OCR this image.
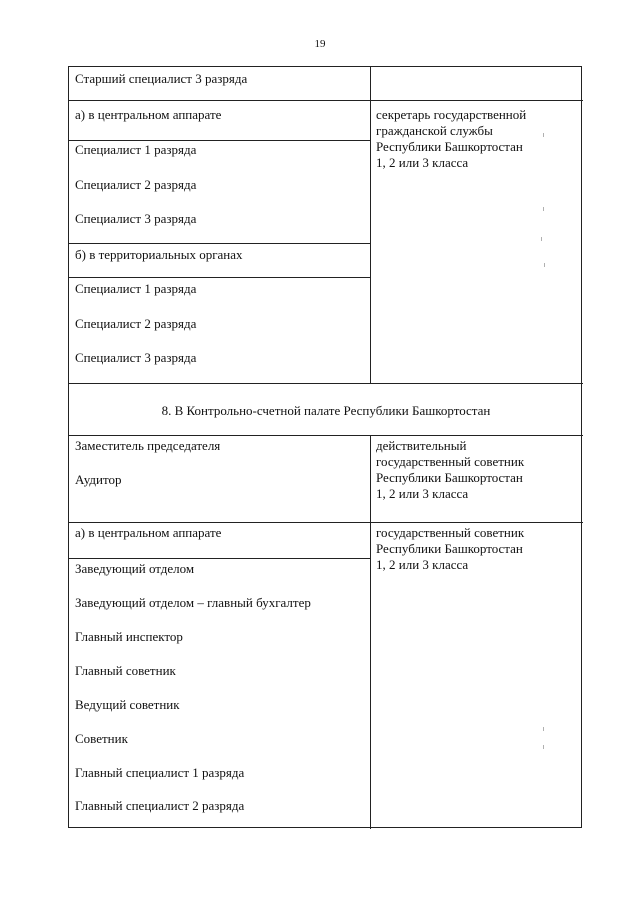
19
Старший специалист 3 разряда
а) в центральном аппарате
Специалист 1 разряда
Специалист 2 разряда
Специалист 3 разряда
б) в территориальных органах
Специалист 1 разряда
Специалист 2 разряда
Специалист 3 разряда
секретарь государственной
гражданской службы
Республики Башкортостан
1, 2 или 3 класса
8. В Контрольно-счетной палате Республики Башкортостан
Заместитель председателя
Аудитор
действительный
государственный советник
Республики Башкортостан
1, 2 или 3 класса
а) в центральном аппарате
Заведующий отделом
Заведующий отделом – главный бухгалтер
Главный инспектор
Главный советник
Ведущий советник
Советник
Главный специалист 1 разряда
Главный специалист 2 разряда
государственный советник
Республики Башкортостан
1, 2 или 3 класса
